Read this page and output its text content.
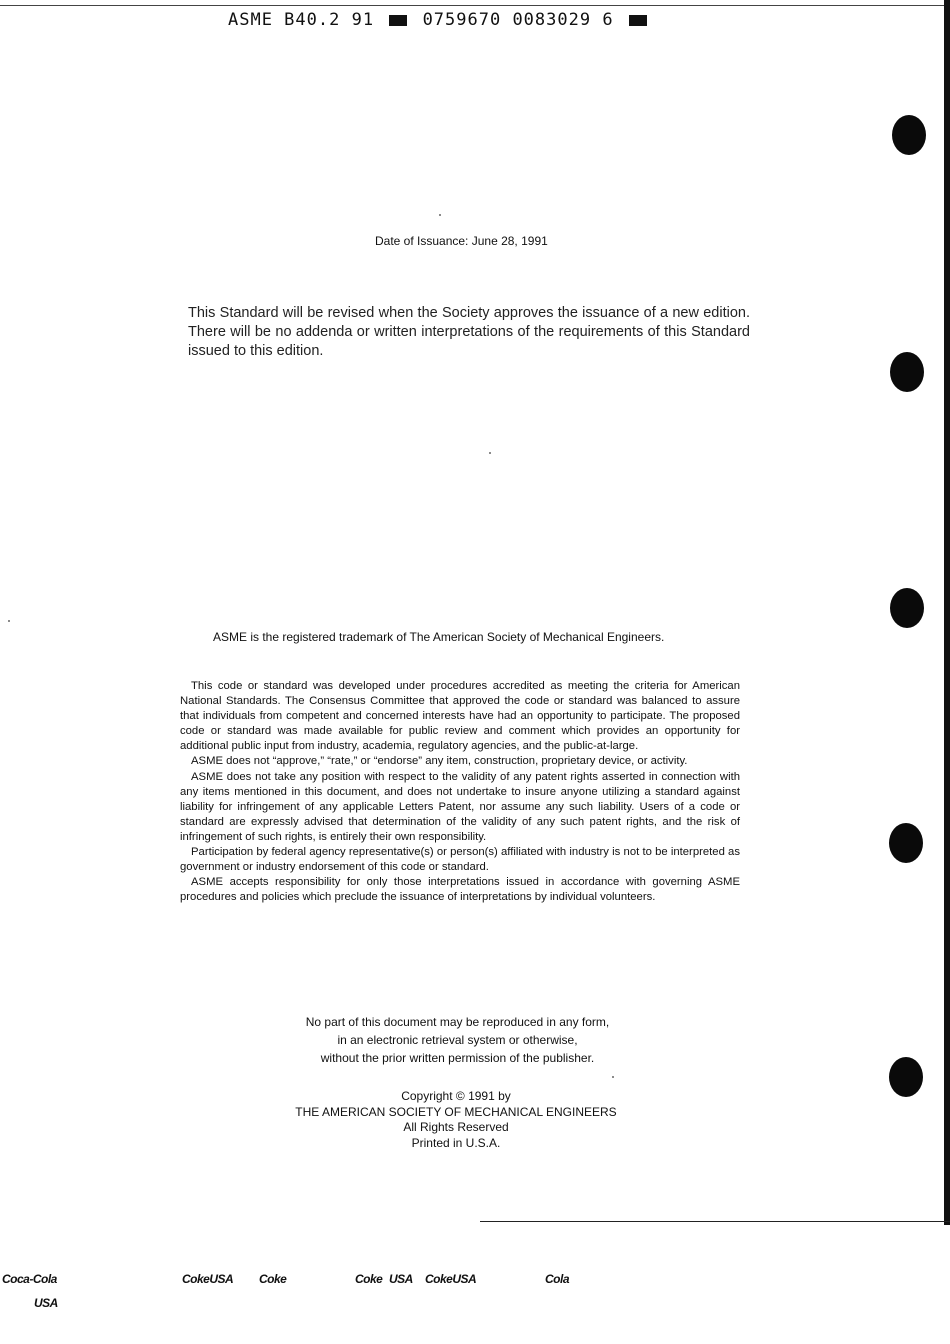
ASME B40.2 91	0759670 0083029 6
Date of Issuance: June 28, 1991
This Standard will be revised when the Society approves the issuance of a new edition. There will be no addenda or written interpretations of the requirements of this Standard issued to this edition.
ASME is the registered trademark of The American Society of Mechanical Engineers.

This code or standard was developed under procedures accredited as meeting the criteria for American National Standards. The Consensus Committee that approved the code or standard was balanced to assure that individuals from competent and concerned interests have had an opportunity to participate. The proposed code or standard was made available for public review and comment which provides an opportunity for additional public input from industry, academia, regulatory agencies, and the public-at-large.

ASME does not “approve,” “rate,” or “endorse” any item, construction, proprietary device, or activity.

ASME does not take any position with respect to the validity of any patent rights asserted in connection with any items mentioned in this document, and does not undertake to insure anyone utilizing a standard against liability for infringement of any applicable Letters Patent, nor assume any such liability. Users of a code or standard are expressly advised that determination of the validity of any such patent rights, and the risk of infringement of such rights, is entirely their own responsibility.

Participation by federal agency representative(s) or person(s) affiliated with industry is not to be interpreted as government or industry endorsement of this code or standard.

ASME accepts responsibility for only those interpretations issued in accordance with governing ASME procedures and policies which preclude the issuance of interpretations by individual volunteers.

No part of this document may be reproduced in any form,
in an electronic retrieval system or otherwise,
without the prior written permission of the publisher.
Copyright © 1991 by
THE AMERICAN SOCIETY OF MECHANICAL ENGINEERS
All Rights Reserved
Printed in U.S.A.
Coca-Cola
USA
CokeUSA Coke	Coke USA CokeUSA	Cola
